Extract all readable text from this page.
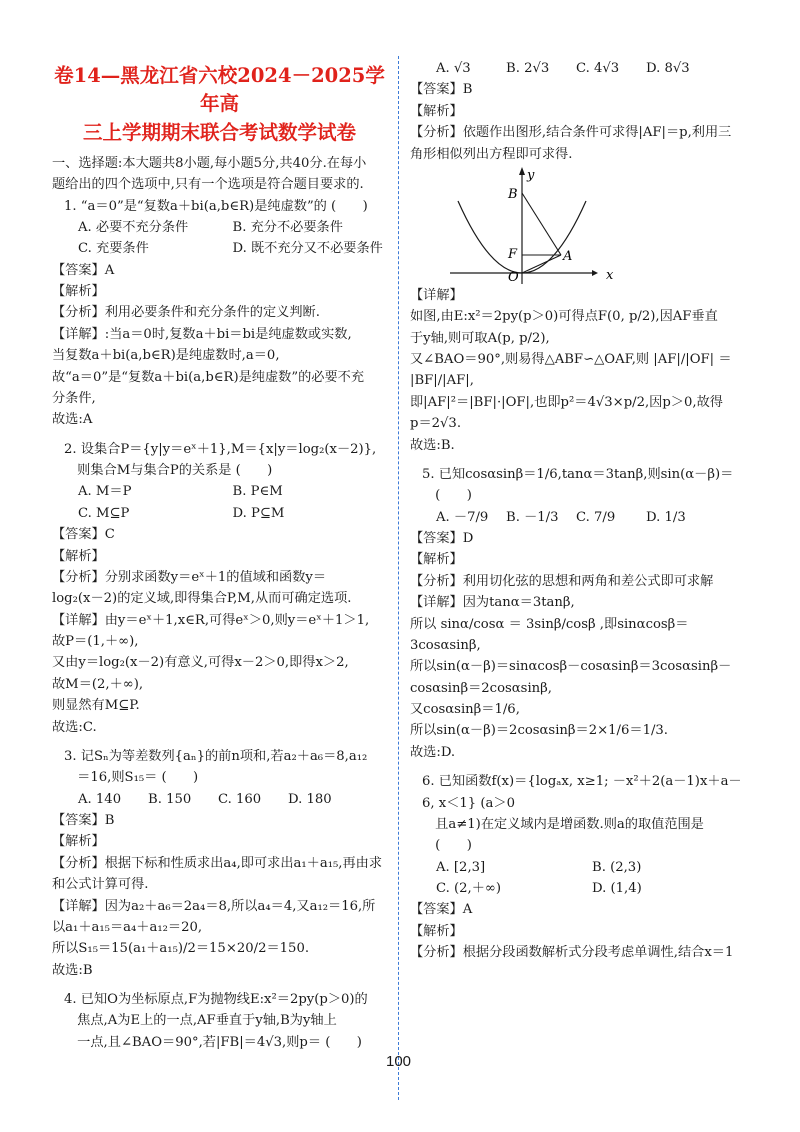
卷14—黑龙江省六校2024－2025学年高
三上学期期末联合考试数学试卷
一、选择题:本大题共8小题,每小题5分,共40分.在每小
题给出的四个选项中,只有一个选项是符合题目要求的.
1. “a＝0”是“复数a＋bi(a,b∈R)是纯虚数”的 (　　)
A. 必要不充分条件	B. 充分不必要条件
C. 充要条件	D. 既不充分又不必要条件
【答案】A
【解析】
【分析】利用必要条件和充分条件的定义判断.
【详解】:当a＝0时,复数a＋bi＝bi是纯虚数或实数,
当复数a＋bi(a,b∈R)是纯虚数时,a＝0,
故“a＝0”是“复数a＋bi(a,b∈R)是纯虚数”的必要不充
分条件,
故选:A
2. 设集合P＝{y|y＝eˣ＋1},M＝{x|y＝log₂(x－2)},
　则集合M与集合P的关系是 (　　)
A. M＝P	B. P∈M
C. M⊆P	D. P⊆M
【答案】C
【解析】
【分析】分别求函数y＝eˣ＋1的值域和函数y＝
log₂(x－2)的定义域,即得集合P,M,从而可确定选项.
【详解】由y＝eˣ＋1,x∈R,可得eˣ＞0,则y＝eˣ＋1＞1,
故P＝(1,＋∞),
又由y＝log₂(x－2)有意义,可得x－2＞0,即得x＞2,
故M＝(2,＋∞),
则显然有M⊆P.
故选:C.
3. 记Sₙ为等差数列{aₙ}的前n项和,若a₂＋a₆＝8,a₁₂
　＝16,则S₁₅＝ (　　)
A. 140	B. 150	C. 160	D. 180
【答案】B
【解析】
【分析】根据下标和性质求出a₄,即可求出a₁＋a₁₅,再由求
和公式计算可得.
【详解】因为a₂＋a₆＝2a₄＝8,所以a₄＝4,又a₁₂＝16,所
以a₁＋a₁₅＝a₄＋a₁₂＝20,
所以S₁₅＝15(a₁＋a₁₅)/2＝15×20/2＝150.
故选:B
4. 已知O为坐标原点,F为抛物线E:x²＝2py(p＞0)的
　焦点,A为E上的一点,AF垂直于y轴,B为y轴上
　一点,且∠BAO＝90°,若|FB|＝4√3,则p＝ (　　)
A. √3	B. 2√3	C. 4√3	D. 8√3
【答案】B
【解析】
【分析】依题作出图形,结合条件可求得|AF|＝p,利用三
角形相似列出方程即可求得.
y
x
B
F	A
O
【详解】
如图,由E:x²＝2py(p＞0)可得点F(0, p/2),因AF垂直
于y轴,则可取A(p, p/2),
又∠BAO＝90°,则易得△ABF∽△OAF,则 |AF|/|OF| ＝
|BF|/|AF|,
即|AF|²＝|BF|·|OF|,也即p²＝4√3×p/2,因p＞0,故得
p＝2√3.
故选:B.
5. 已知cosαsinβ＝1/6,tanα＝3tanβ,则sin(α－β)＝
　(　　)
A. －7/9	B. －1/3	C. 7/9	D. 1/3
【答案】D
【解析】
【分析】利用切化弦的思想和两角和差公式即可求解
【详解】因为tanα＝3tanβ,
所以 sinα/cosα ＝ 3sinβ/cosβ ,即sinαcosβ＝3cosαsinβ,
所以sin(α－β)＝sinαcosβ－cosαsinβ＝3cosαsinβ－
cosαsinβ＝2cosαsinβ,
又cosαsinβ＝1/6,
所以sin(α－β)＝2cosαsinβ＝2×1/6＝1/3.
故选:D.
6. 已知函数f(x)＝{logₐx, x≥1; －x²＋2(a－1)x＋a－6, x＜1} (a＞0
　且a≠1)在定义域内是增函数.则a的取值范围是
　(　　)
A. [2,3]	B. (2,3)
C. (2,＋∞)	D. (1,4)
【答案】A
【解析】
【分析】根据分段函数解析式分段考虑单调性,结合x＝1
100
